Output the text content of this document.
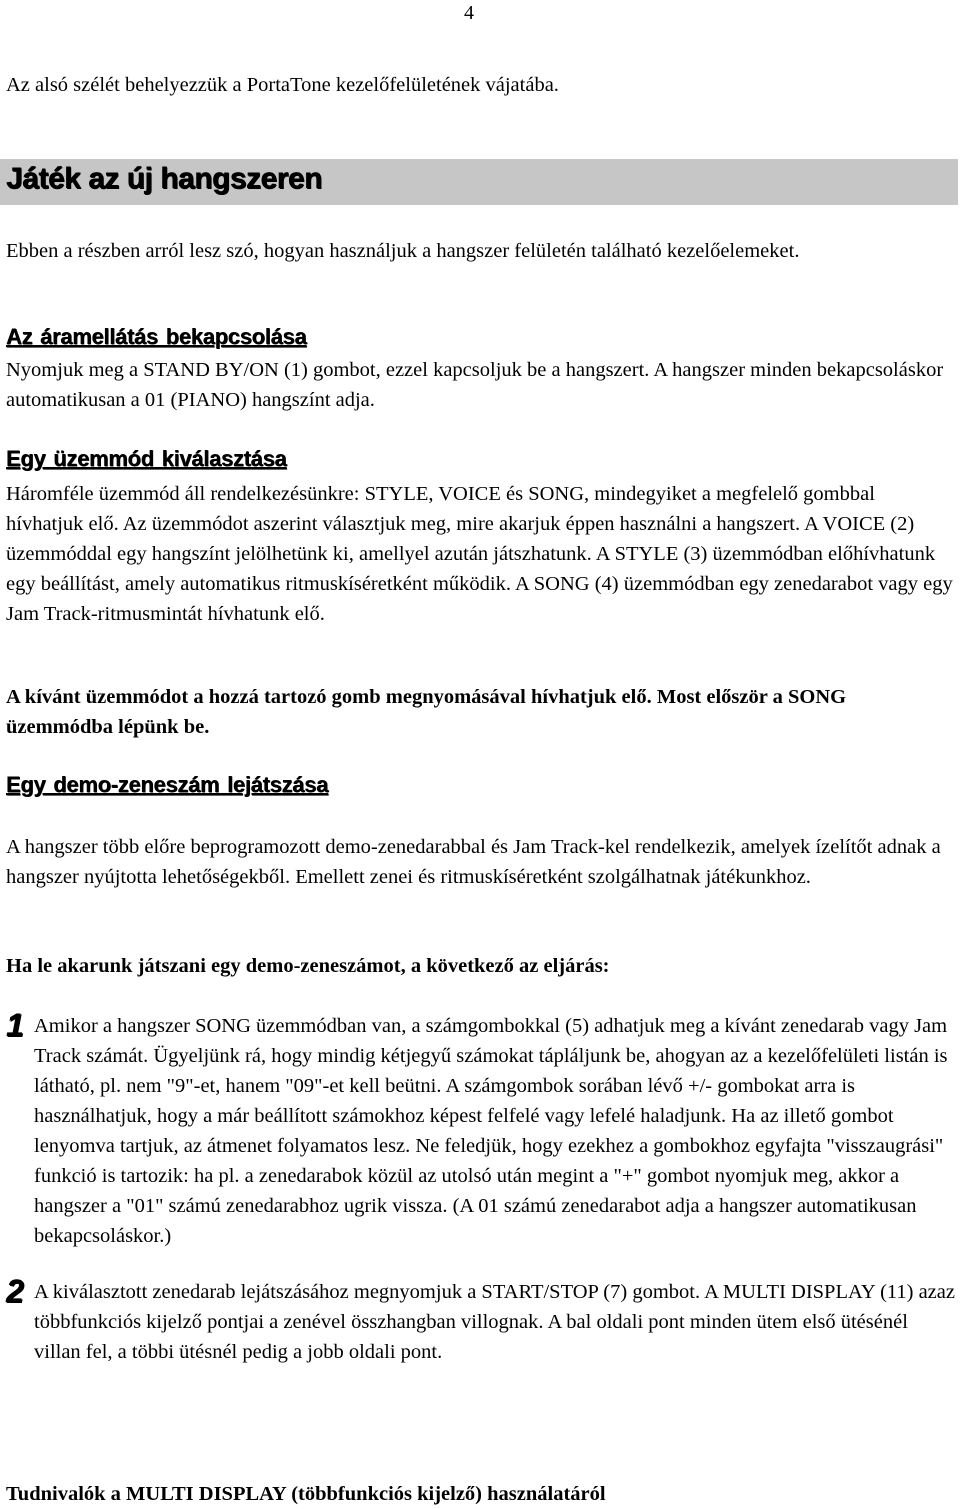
4

Az alsó szélét behelyezzük a PortaTone kezelőfelületének vájatába.

Játék az új hangszeren

Ebben a részben arról lesz szó, hogyan használjuk a hangszer felületén található kezelőelemeket.

Az áramellátás bekapcsolása

Nyomjuk meg a STAND BY/ON (1) gombot, ezzel kapcsoljuk be a hangszert. A hangszer minden bekapcsoláskor automatikusan a 01 (PIANO) hangszínt adja.

Egy üzemmód kiválasztása

Háromféle üzemmód áll rendelkezésünkre: STYLE, VOICE és SONG, mindegyiket a megfelelő gombbal hívhatjuk elő. Az üzemmódot aszerint választjuk meg, mire akarjuk éppen használni a hangszert. A VOICE (2) üzemmóddal egy hangszínt jelölhetünk ki, amellyel azután játszhatunk. A STYLE (3) üzemmódban előhívhatunk egy beállítást, amely automatikus ritmuskíséretként működik. A SONG (4) üzemmódban egy zenedarabot vagy egy Jam Track-ritmusmintát hívhatunk elő.

A kívánt üzemmódot a hozzá tartozó gomb megnyomásával hívhatjuk elő. Most először a SONG üzemmódba lépünk be.

Egy demo-zeneszám lejátszása

A hangszer több előre beprogramozott demo-zenedarabbal és Jam Track-kel rendelkezik, amelyek ízelítőt adnak a hangszer nyújtotta lehetőségekből. Emellett zenei és ritmuskíséretként szolgálhatnak játékunkhoz.

Ha le akarunk játszani egy demo-zeneszámot, a következő az eljárás:

1 Amikor a hangszer SONG üzemmódban van, a számgombokkal (5) adhatjuk meg a kívánt zenedarab vagy Jam Track számát. Ügyeljünk rá, hogy mindig kétjegyű számokat tápláljunk be, ahogyan az a kezelőfelületi listán is látható, pl. nem "9"-et, hanem "09"-et kell beütni. A számgombok sorában lévő +/- gombokat arra is használhatjuk, hogy a már beállított számokhoz képest felfelé vagy lefelé haladjunk. Ha az illető gombot lenyomva tartjuk, az átmenet folyamatos lesz. Ne feledjük, hogy ezekhez a gombokhoz egyfajta "visszaugrási" funkció is tartozik: ha pl. a zenedarabok közül az utolsó után megint a "+" gombot nyomjuk meg, akkor a hangszer a "01" számú zenedarabhoz ugrik vissza. (A 01 számú zenedarabot adja a hangszer automatikusan bekapcsoláskor.)
2 A kiválasztott zenedarab lejátszásához megnyomjuk a START/STOP (7) gombot. A MULTI DISPLAY (11) azaz többfunkciós kijelző pontjai a zenével összhangban villognak. A bal oldali pont minden ütem első ütésénél villan fel, a többi ütésnél pedig a jobb oldali pont.

Tudnivalók a MULTI DISPLAY (többfunkciós kijelző) használatáról
